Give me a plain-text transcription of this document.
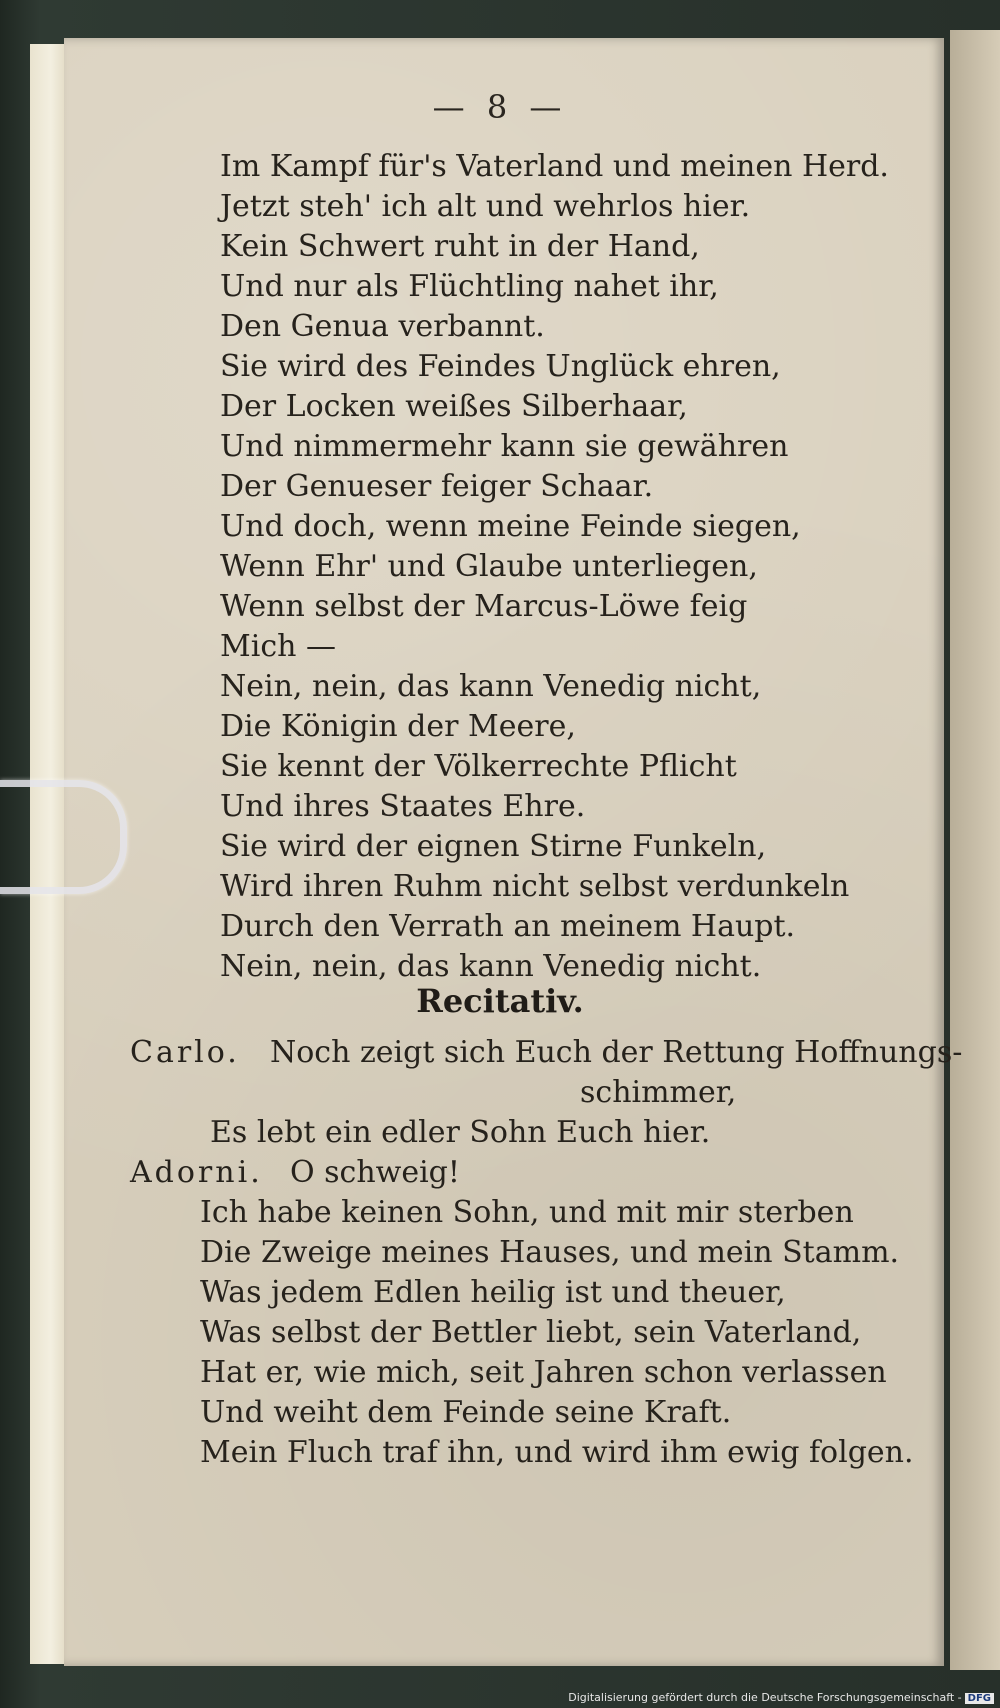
— 8 —
Im Kampf für's Vaterland und meinen Herd.
Jetzt steh' ich alt und wehrlos hier.
Kein Schwert ruht in der Hand,
Und nur als Flüchtling nahet ihr,
Den Genua verbannt.
Sie wird des Feindes Unglück ehren,
Der Locken weißes Silberhaar,
Und nimmermehr kann sie gewähren
Der Genueser feiger Schaar.
Und doch, wenn meine Feinde siegen,
Wenn Ehr' und Glaube unterliegen,
Wenn selbst der Marcus-Löwe feig
Mich —
Nein, nein, das kann Venedig nicht,
Die Königin der Meere,
Sie kennt der Völkerrechte Pflicht
Und ihres Staates Ehre.
Sie wird der eignen Stirne Funkeln,
Wird ihren Ruhm nicht selbst verdunkeln
Durch den Verrath an meinem Haupt.
Nein, nein, das kann Venedig nicht.
Recitativ.
Carlo. Noch zeigt sich Euch der Rettung Hoffnungs-
schimmer,
Es lebt ein edler Sohn Euch hier.
Adorni. O schweig!
Ich habe keinen Sohn, und mit mir sterben
Die Zweige meines Hauses, und mein Stamm.
Was jedem Edlen heilig ist und theuer,
Was selbst der Bettler liebt, sein Vaterland,
Hat er, wie mich, seit Jahren schon verlassen
Und weiht dem Feinde seine Kraft.
Mein Fluch traf ihn, und wird ihm ewig folgen.
Digitalisierung gefördert durch die Deutsche Forschungsgemeinschaft - DFG
